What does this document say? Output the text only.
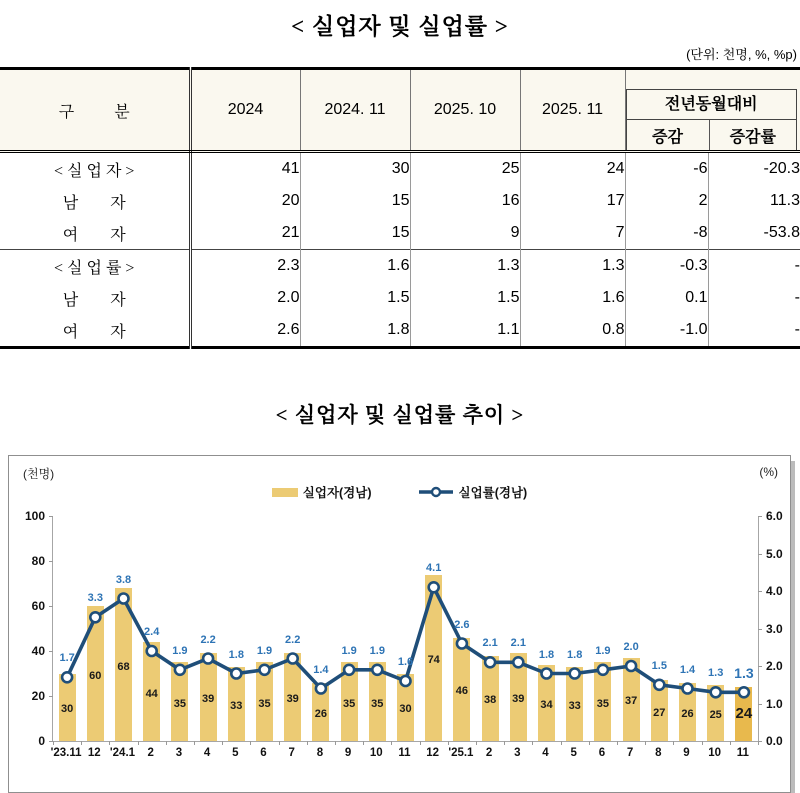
< 실업자 및 실업률 >
(단위: 천명, %, %p)
구          분	2024	2024. 11	2025. 10	2025. 11	전년동월대비
증감 증감률	

< 실 업 자 >	41	30	25	24	-6	-20.3
남        자	20	15	16	17	2	11.3
여        자	21	15	9	7	-8	-53.8
< 실 업 률 >	2.3	1.6	1.3	1.3	-0.3	-
남        자	2.0	1.5	1.5	1.6	0.1	-
여        자	2.6	1.8	1.1	0.8	-1.0	-
< 실업자 및 실업률 추이 >
(천명)	(%)
실업자(경남)	실업률(경남)
30
60
68
44
35	39
33	35	39
26
35	35	30
74
46
38	39	34	33	35	37
27	26	25 24
1.7
3.3
3.8
2.4
1.9
2.2
1.8	1.9
2.2
1.4
1.9	1.9
1.6
4.1
2.6
2.1	2.1
1.8	1.8	1.9	2.0
1.5	1.4	1.3 1.3
0
20
40
60
80
100
0.0
1.0
2.0
3.0
4.0
5.0
6.0
'23.11 12 '24.1	2	3	4	5	6	7	8	9	10	11	12 '25.1	2	3	4	5	6	7	8	9	10	11
